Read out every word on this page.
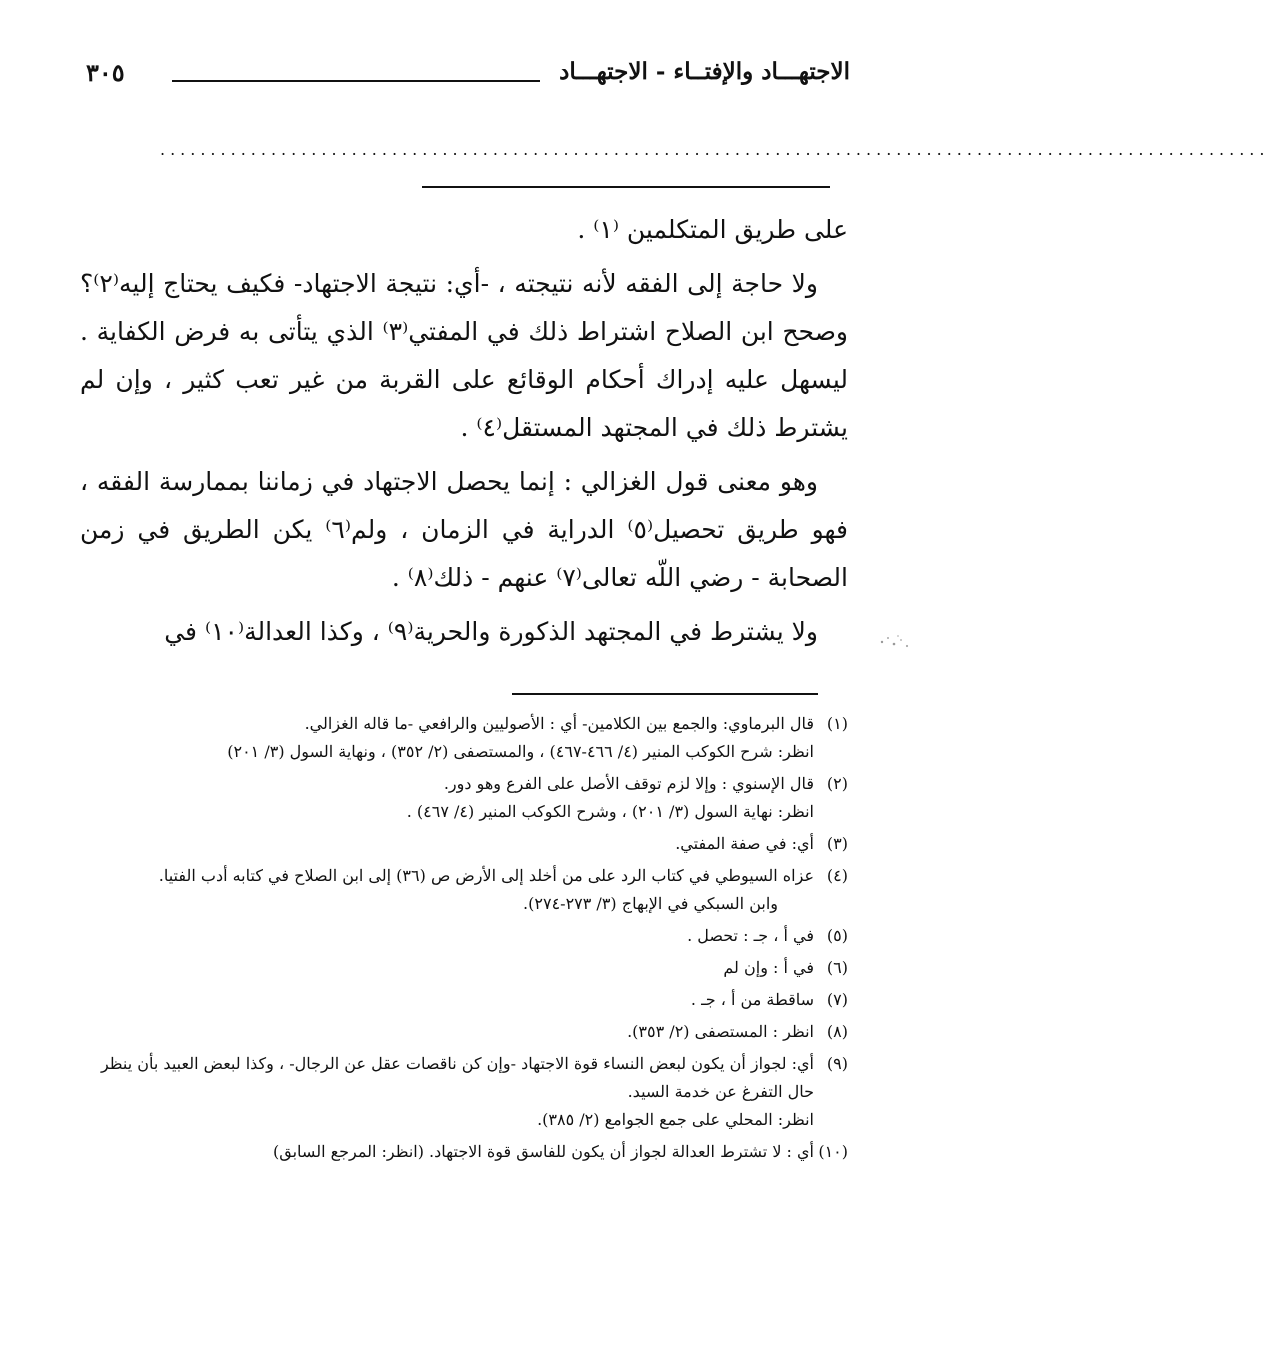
الاجتهـــاد والإفتــاء - الاجتهـــاد
٣٠٥
..............................................................................................................

على طريق المتكلمين ⁽١⁾ .

ولا حاجة إلى الفقه لأنه نتيجته ، -أي: نتيجة الاجتهاد- فكيف يحتاج إليه⁽٢⁾؟ وصحح ابن الصلاح اشتراط ذلك في المفتي⁽٣⁾ الذي يتأتى به فرض الكفاية . ليسهل عليه إدراك أحكام الوقائع على القربة من غير تعب كثير ، وإن لم يشترط ذلك في المجتهد المستقل⁽٤⁾ .

وهو معنى قول الغزالي : إنما يحصل الاجتهاد في زماننا بممارسة الفقه ، فهو طريق تحصيل⁽٥⁾ الدراية في الزمان ، ولم⁽٦⁾ يكن الطريق في زمن الصحابة - رضي اللّه تعالى⁽٧⁾ عنهم - ذلك⁽٨⁾ .

ولا يشترط في المجتهد الذكورة والحرية⁽٩⁾ ، وكذا العدالة⁽١٠⁾ في

(١)
قال البرماوي: والجمع بين الكلامين- أي : الأصوليين والرافعي -ما قاله الغزالي.
انظر: شرح الكوكب المنير (٤/ ٤٦٦-٤٦٧) ، والمستصفى (٢/ ٣٥٢) ، ونهاية السول (٣/ ٢٠١)
(٢)
قال الإسنوي : وإلا لزم توقف الأصل على الفرع وهو دور.
انظر: نهاية السول (٣/ ٢٠١) ، وشرح الكوكب المنير (٤/ ٤٦٧) .
(٣)
أي: في صفة المفتي.
(٤)
عزاه السيوطي في كتاب الرد على من أخلد إلى الأرض ص (٣٦) إلى ابن الصلاح في كتابه أدب الفتيا.
وابن السبكي في الإبهاج (٣/ ٢٧٣-٢٧٤).
(٥)
في أ ، جـ : تحصل .
(٦)
في أ : وإن لم
(٧)
ساقطة من أ ، جـ .
(٨)
انظر : المستصفى (٢/ ٣٥٣).
(٩)
أي: لجواز أن يكون لبعض النساء قوة الاجتهاد -وإن كن ناقصات عقل عن الرجال- ، وكذا لبعض العبيد بأن ينظر حال التفرغ عن خدمة السيد.
انظر: المحلي على جمع الجوامع (٢/ ٣٨٥).
(١٠)
أي : لا تشترط العدالة لجواز أن يكون للفاسق قوة الاجتهاد. (انظر: المرجع السابق)
